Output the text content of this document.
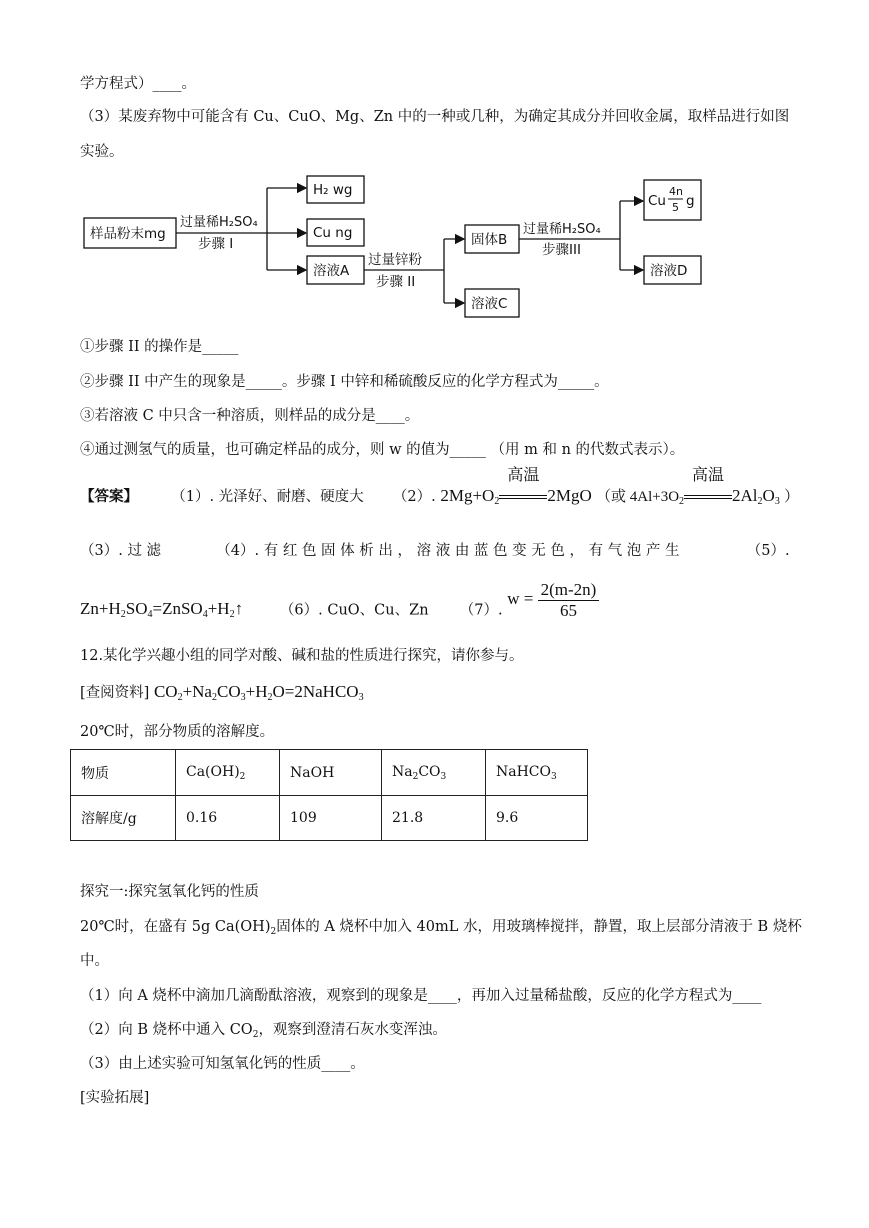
学方程式）____。
（3）某废弃物中可能含有 Cu、CuO、Mg、Zn 中的一种或几种，为确定其成分并回收金属，取样品进行如图
实验。
样品粉末mg
过量稀H₂SO₄
步骤 I
H₂ wg
Cu ng
溶液A
过量锌粉
步骤 II
固体B
溶液C
过量稀H₂SO₄
步骤III
Cu
4n
5 g
溶液D
①步骤 II 的操作是_____
②步骤 II 中产生的现象是_____。步骤 I 中锌和稀硫酸反应的化学方程式为_____。
③若溶液 C 中只含一种溶质，则样品的成分是____。
④通过测氢气的质量，也可确定样品的成分，则 w 的值为_____ （用 m 和 n 的代数式表示）。
【答案】 （1）. 光泽好、耐磨、硬度大 （2）. $2Mg+O_2$
高温
2MgO （或 $4Al+3O_2$
高温
$2Al_2O_3$ ）
（3）. 过 滤	（4）. 有 红 色 固 体 析 出 ， 溶 液 由 蓝 色 变 无 色 ， 有 气 泡 产 生	（5）.
$Zn+H_2SO_4=ZnSO_4+H_2↑$	（6）. CuO、Cu、Zn （7）. $w = \frac{2(m-2n)}{65}$
12.某化学兴趣小组的同学对酸、碱和盐的性质进行探究，请你参与。
[查阅资料] $CO_2+Na_2CO_3+H_2O=2NaHCO_3$
20℃时，部分物质的溶解度。
物质	$Ca(OH)_2$	NaOH	$Na_2CO_3$	NaHCO$_3$
溶解度/g	0.16	109	21.8	9.6
探究一:探究氢氧化钙的性质
20℃时，在盛有 5g $Ca(OH)_2$固体的 A 烧杯中加入 40mL 水，用玻璃棒搅拌，静置，取上层部分清液于 B 烧杯
中。
（1）向 A 烧杯中滴加几滴酚酞溶液，观察到的现象是____，再加入过量稀盐酸，反应的化学方程式为____
（2）向 B 烧杯中通入 $CO_2$，观察到澄清石灰水变浑浊。
（3）由上述实验可知氢氧化钙的性质____。
[实验拓展]
